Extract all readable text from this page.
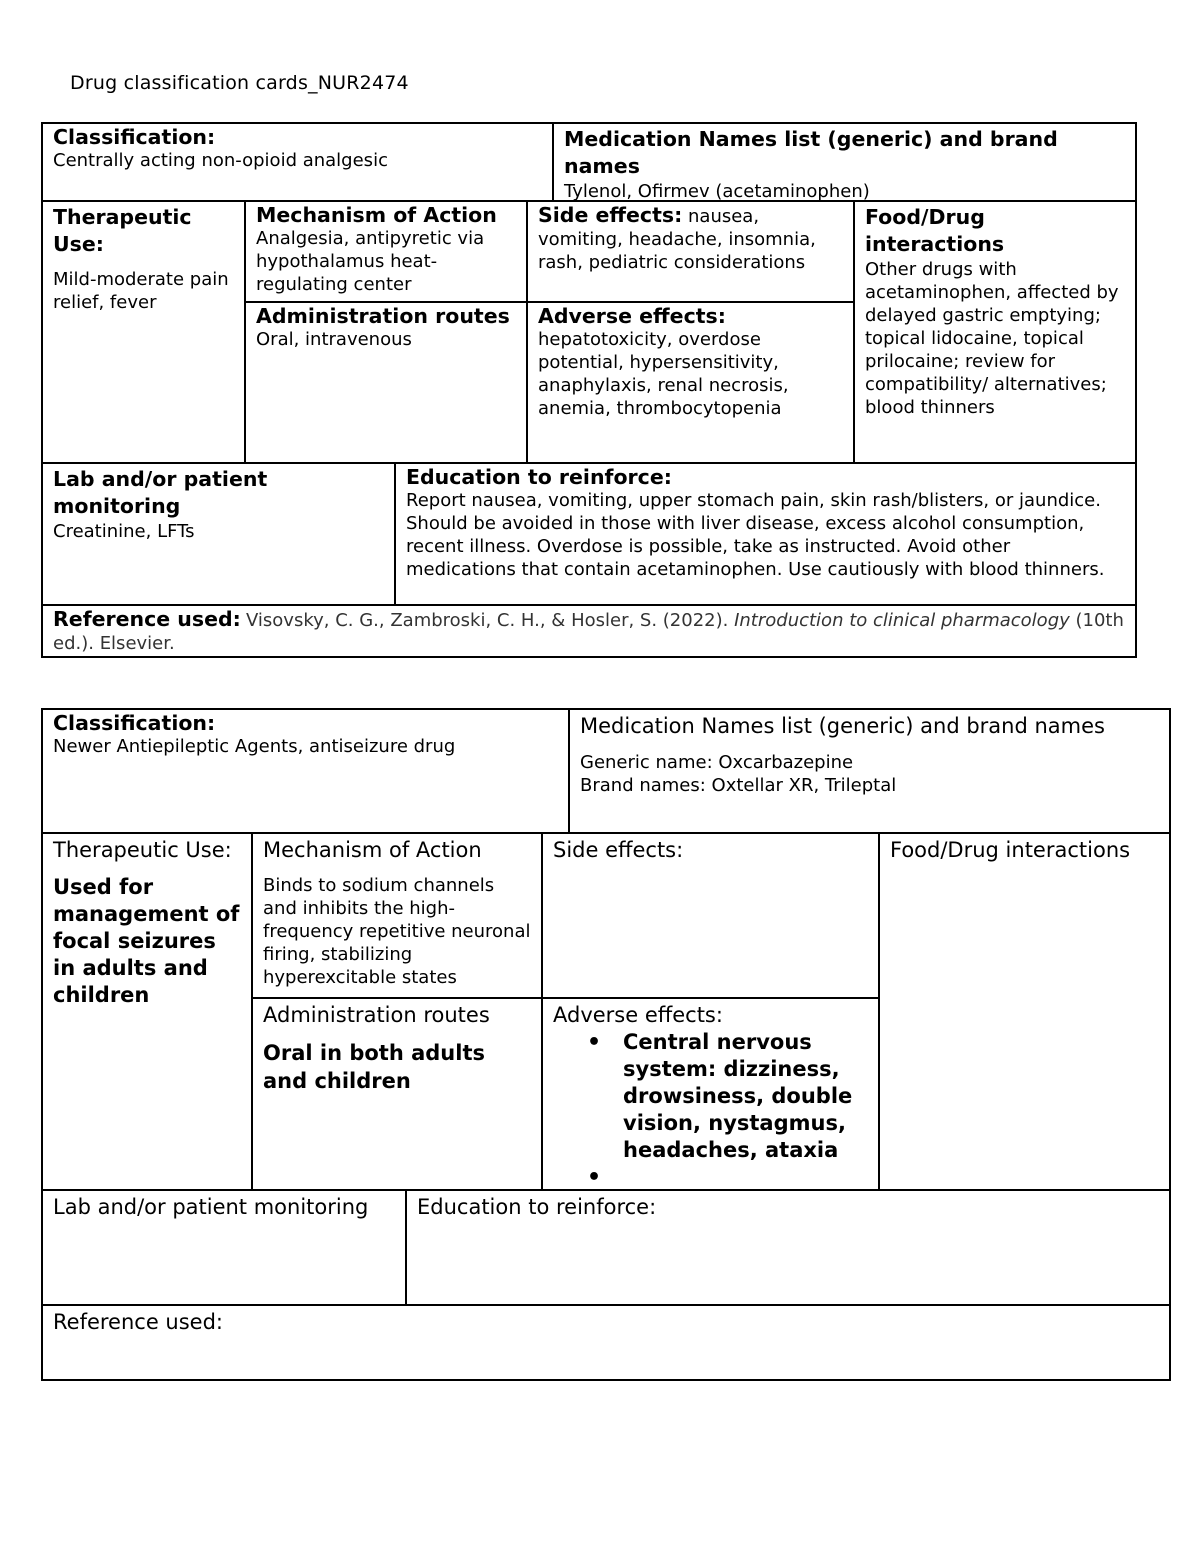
Drug classification cards_NUR2474
Classification:
Centrally acting non-opioid analgesic
Medication Names list (generic) and brand names
Tylenol, Ofirmev (acetaminophen)
Therapeutic Use:
Mild-moderate pain relief, fever
Mechanism of Action
Analgesia, antipyretic via hypothalamus heat-regulating center
Administration routes
Oral, intravenous
Side effects: nausea, vomiting, headache, insomnia, rash, pediatric considerations
Adverse effects:
hepatotoxicity, overdose potential, hypersensitivity, anaphylaxis, renal necrosis, anemia, thrombocytopenia
Food/Drug interactions
Other drugs with acetaminophen, affected by delayed gastric emptying; topical lidocaine, topical prilocaine; review for compatibility/ alternatives; blood thinners
Lab and/or patient monitoring
Creatinine, LFTs
Education to reinforce:
Report nausea, vomiting, upper stomach pain, skin rash/blisters, or jaundice. Should be avoided in those with liver disease, excess alcohol consumption, recent illness. Overdose is possible, take as instructed. Avoid other medications that contain acetaminophen. Use cautiously with blood thinners.
Reference used: Visovsky, C. G., Zambroski, C. H., & Hosler, S. (2022). Introduction to clinical pharmacology (10th ed.). Elsevier.
Classification:
Newer Antiepileptic Agents, antiseizure drug
Medication Names list (generic) and brand names
Generic name: Oxcarbazepine
Brand names: Oxtellar XR, Trileptal
Therapeutic Use:
Used for management of focal seizures in adults and children
Mechanism of Action
Binds to sodium channels and inhibits the high-frequency repetitive neuronal firing, stabilizing hyperexcitable states
Administration routes
Oral in both adults and children
Side effects:
Adverse effects:
• Central nervous system: dizziness, drowsiness, double vision, nystagmus, headaches, ataxia
•
Food/Drug interactions
Lab and/or patient monitoring	Education to reinforce:
Reference used:
